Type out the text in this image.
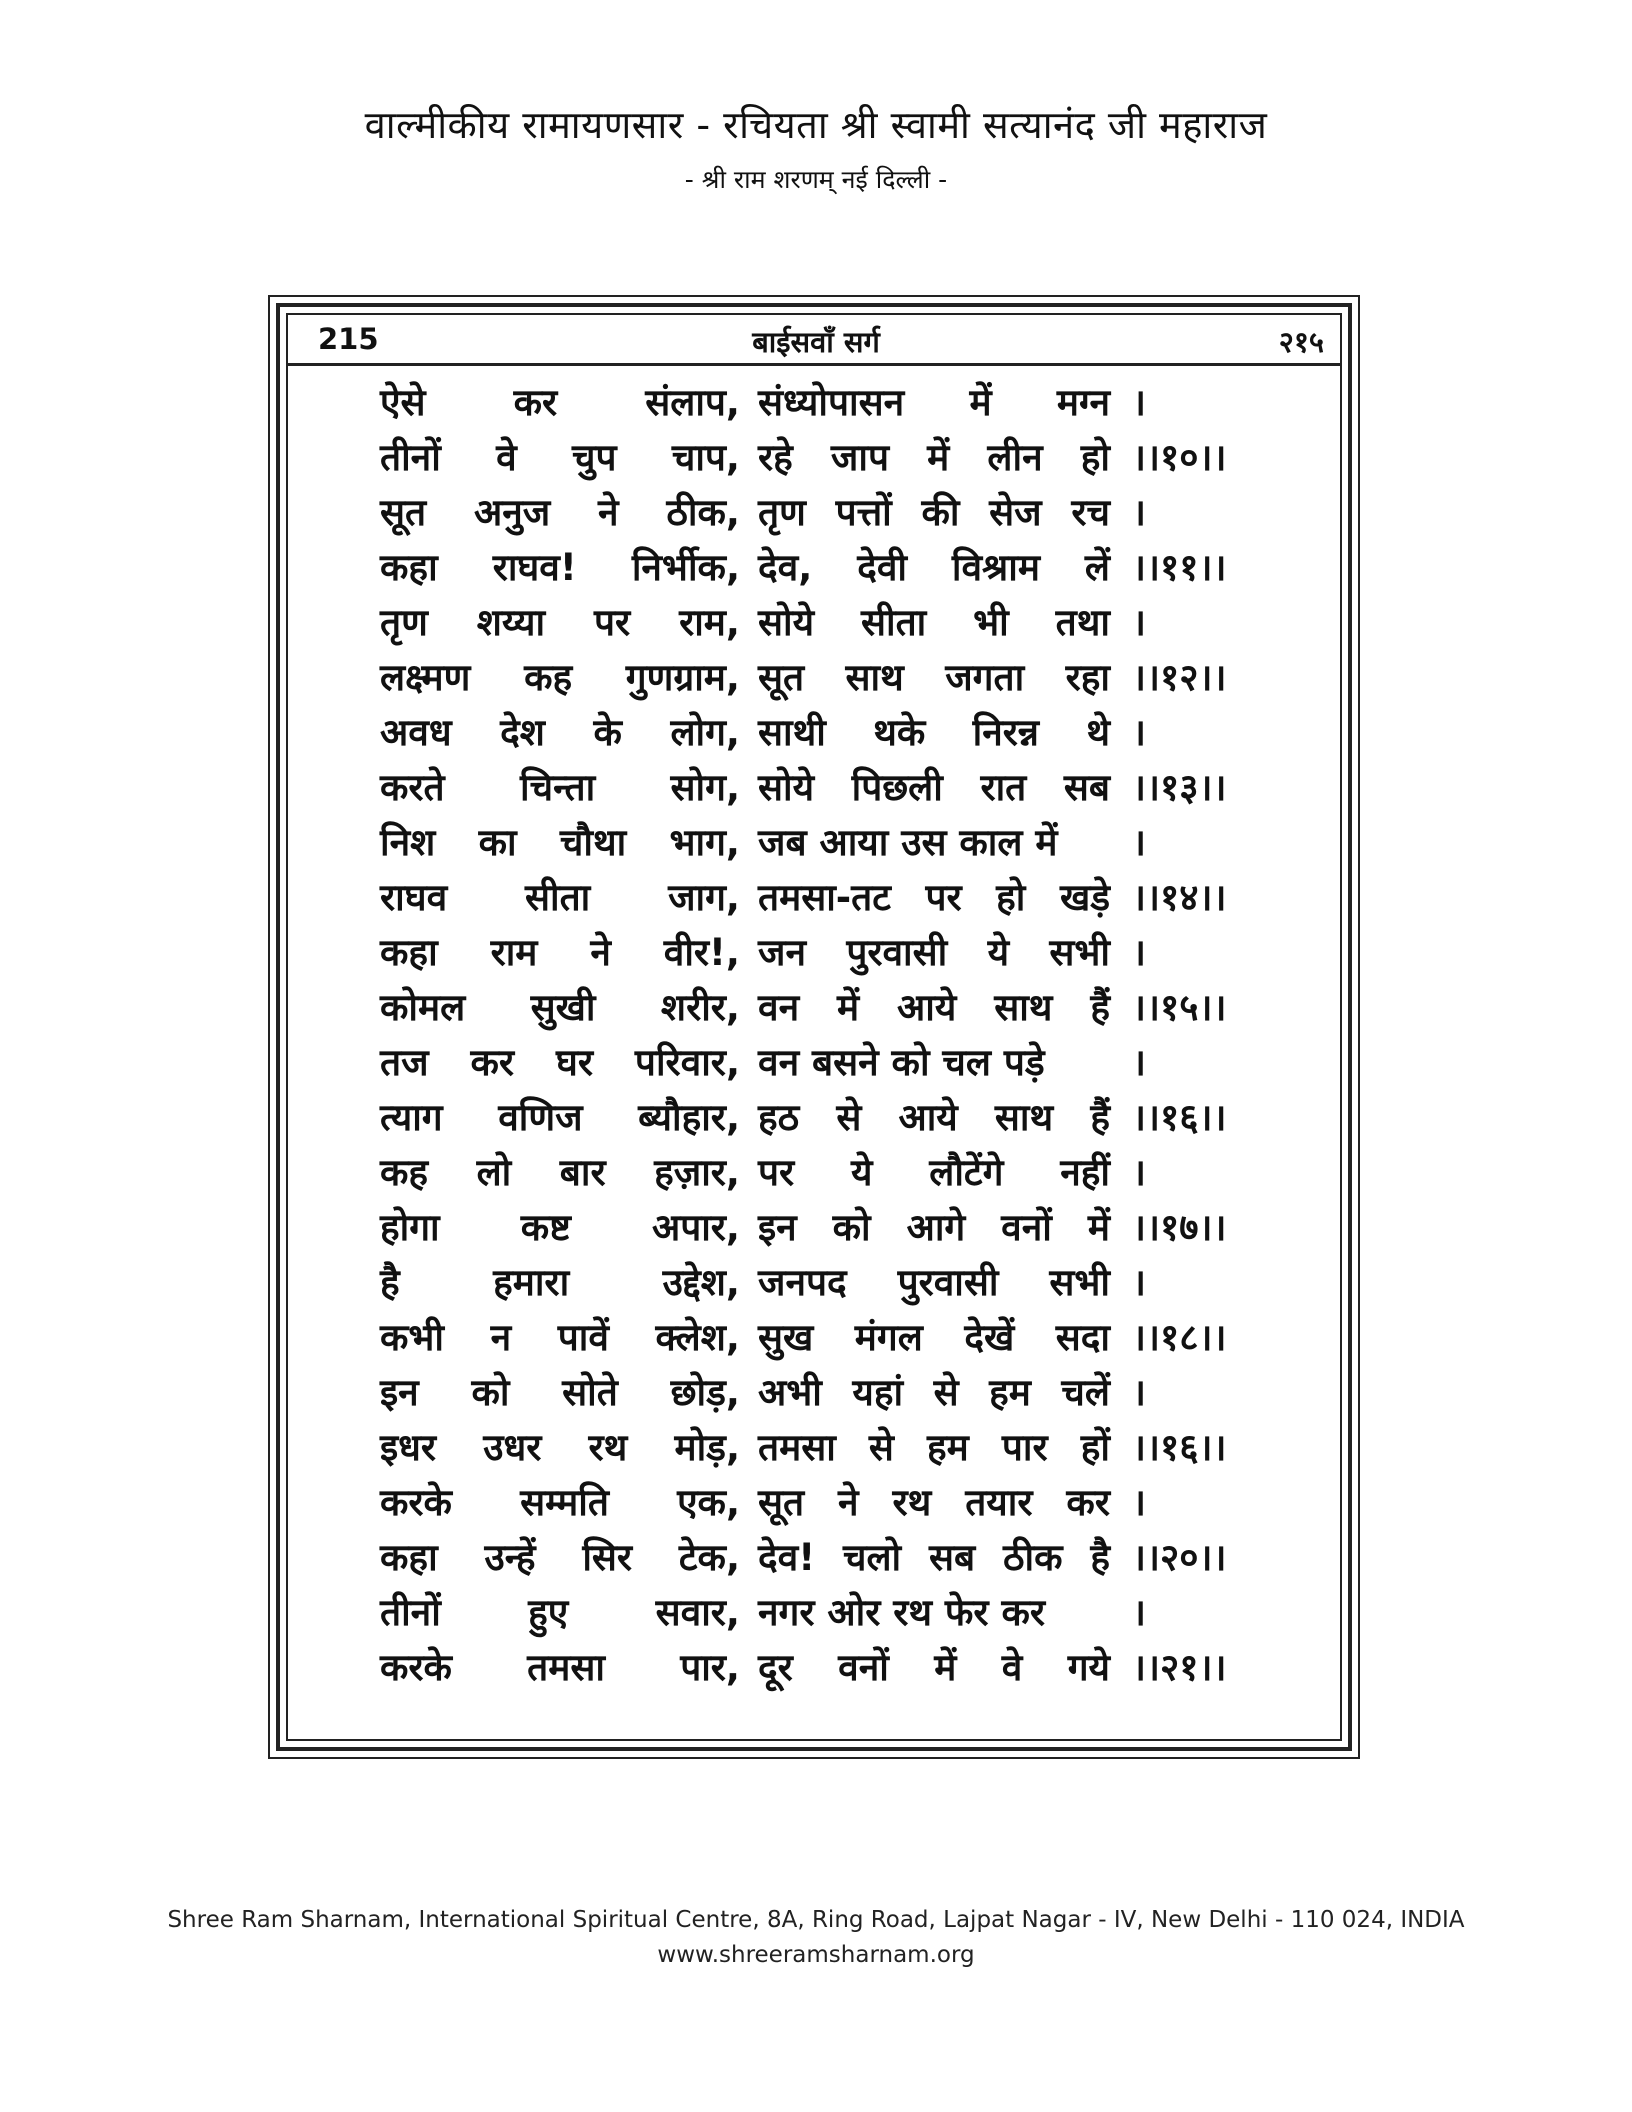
वाल्मीकीय रामायणसार - रचियता श्री स्वामी सत्यानंद जी महाराज
- श्री राम शरणम् नई दिल्ली -
215	बाईसवाँ सर्ग	२१५
ऐसे कर संलाप, संध्योपासन में मग्न ।
तीनों वे चुप चाप, रहे जाप में लीन हो ।।१०।।
सूत अनुज ने ठीक, तृण पत्तों की सेज रच ।
कहा राघव! निर्भीक, देव, देवी विश्राम लें ।।११।।
तृण शय्या पर राम, सोये सीता भी तथा ।
लक्ष्मण कह गुणग्राम, सूत साथ जगता रहा ।।१२।।
अवध देश के लोग, साथी थके निरन्न थे ।
करते चिन्ता सोग, सोये पिछली रात सब ।।१३।।
निश का चौथा भाग, जब आया उस काल में ।
राघव सीता जाग, तमसा-तट पर हो खड़े ।।१४।।
कहा राम ने वीर!, जन पुरवासी ये सभी ।
कोमल सुखी शरीर, वन में आये साथ हैं ।।१५।।
तज कर घर परिवार, वन बसने को चल पड़े ।
त्याग वणिज ब्यौहार, हठ से आये साथ हैं ।।१६।।
कह लो बार हज़ार, पर ये लौटेंगे नहीं ।
होगा कष्ट अपार, इन को आगे वनों में ।।१७।।
है	हमारा	उद्देश, जनपद पुरवासी सभी ।
कभी न पावें क्लेश, सुख मंगल देखें सदा ।।१८।।
इन को सोते छोड़, अभी यहां से हम चलें ।
इधर उधर रथ मोड़, तमसा से हम पार हों ।।१६।।
करके सम्मति एक, सूत ने रथ तयार कर ।
कहा उन्हें सिर टेक, देव! चलो सब ठीक है ।।२०।।
तीनों हुए सवार, नगर ओर रथ फेर कर ।
करके तमसा पार, दूर वनों में वे गये ।।२१।।
Shree Ram Sharnam, International Spiritual Centre, 8A, Ring Road, Lajpat Nagar - IV, New Delhi - 110 024, INDIA
www.shreeramsharnam.org
